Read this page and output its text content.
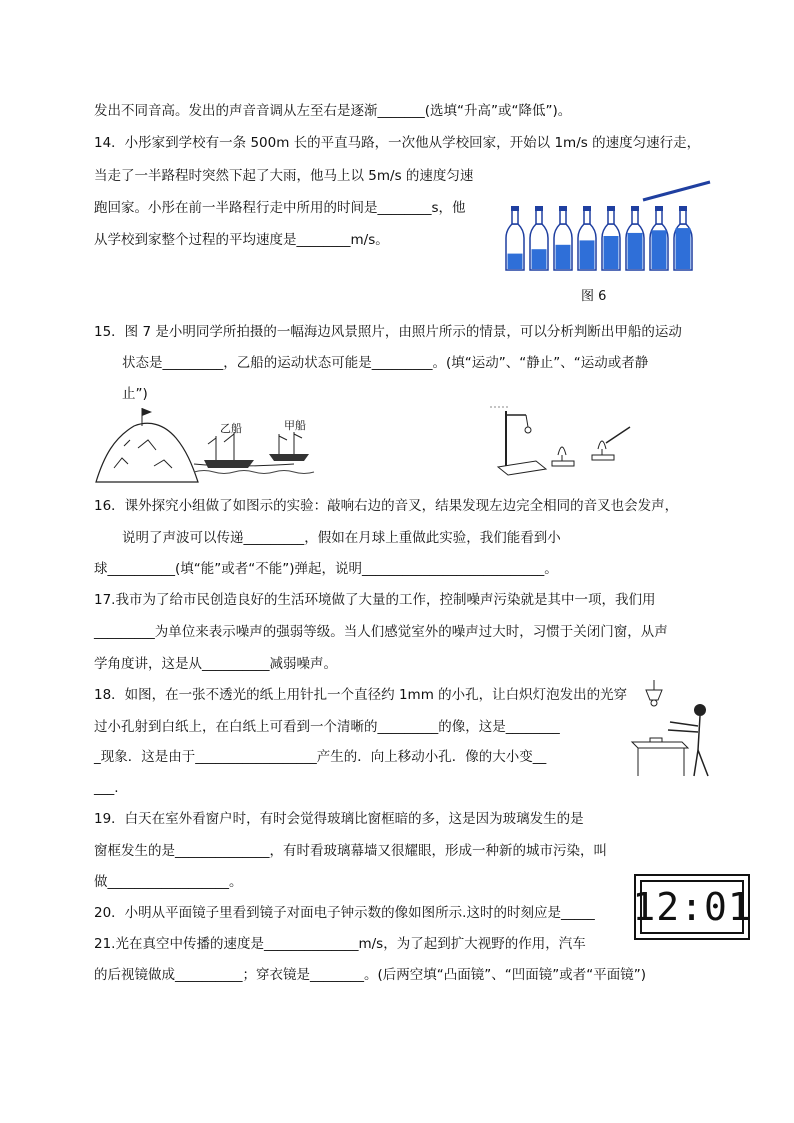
发出不同音高。发出的声音音调从左至右是逐渐_______(选填“升高”或“降低”)。
14．小彤家到学校有一条 500m 长的平直马路，一次他从学校回家，开始以 1m/s 的速度匀速行走，
当走了一半路程时突然下起了大雨，他马上以 5m/s 的速度匀速
跑回家。小彤在前一半路程行走中所用的时间是________s，他
从学校到家整个过程的平均速度是________m/s。
图 6
15．图 7 是小明同学所拍摄的一幅海边风景照片，由照片所示的情景，可以分析判断出甲船的运动
状态是_________，乙船的运动状态可能是_________。(填“运动”、“静止”、“运动或者静
止”)
乙船	甲船
16．课外探究小组做了如图示的实验：敲响右边的音叉，结果发现左边完全相同的音叉也会发声，
说明了声波可以传递_________，假如在月球上重做此实验，我们能看到小
球__________(填“能”或者“不能”)弹起，说明___________________________。
17.我市为了给市民创造良好的生活环境做了大量的工作，控制噪声污染就是其中一项，我们用
_________为单位来表示噪声的强弱等级。当人们感觉室外的噪声过大时，习惯于关闭门窗，从声
学角度讲，这是从__________减弱噪声。
18．如图，在一张不透光的纸上用针扎一个直径约 1mm 的小孔，让白炽灯泡发出的光穿
过小孔射到白纸上，在白纸上可看到一个清晰的_________的像，这是________
_现象．这是由于__________________产生的．向上移动小孔．像的大小变__
___.
19．白天在室外看窗户时，有时会觉得玻璃比窗框暗的多，这是因为玻璃发生的是
窗框发生的是______________，有时看玻璃幕墙又很耀眼，形成一种新的城市污染，叫
做__________________。
20．小明从平面镜子里看到镜子对面电子钟示数的像如图所示.这时的时刻应是_____ 12:01
21.光在真空中传播的速度是______________m/s，为了起到扩大视野的作用，汽车
的后视镜做成__________；穿衣镜是________。(后两空填“凸面镜”、“凹面镜”或者“平面镜”)
